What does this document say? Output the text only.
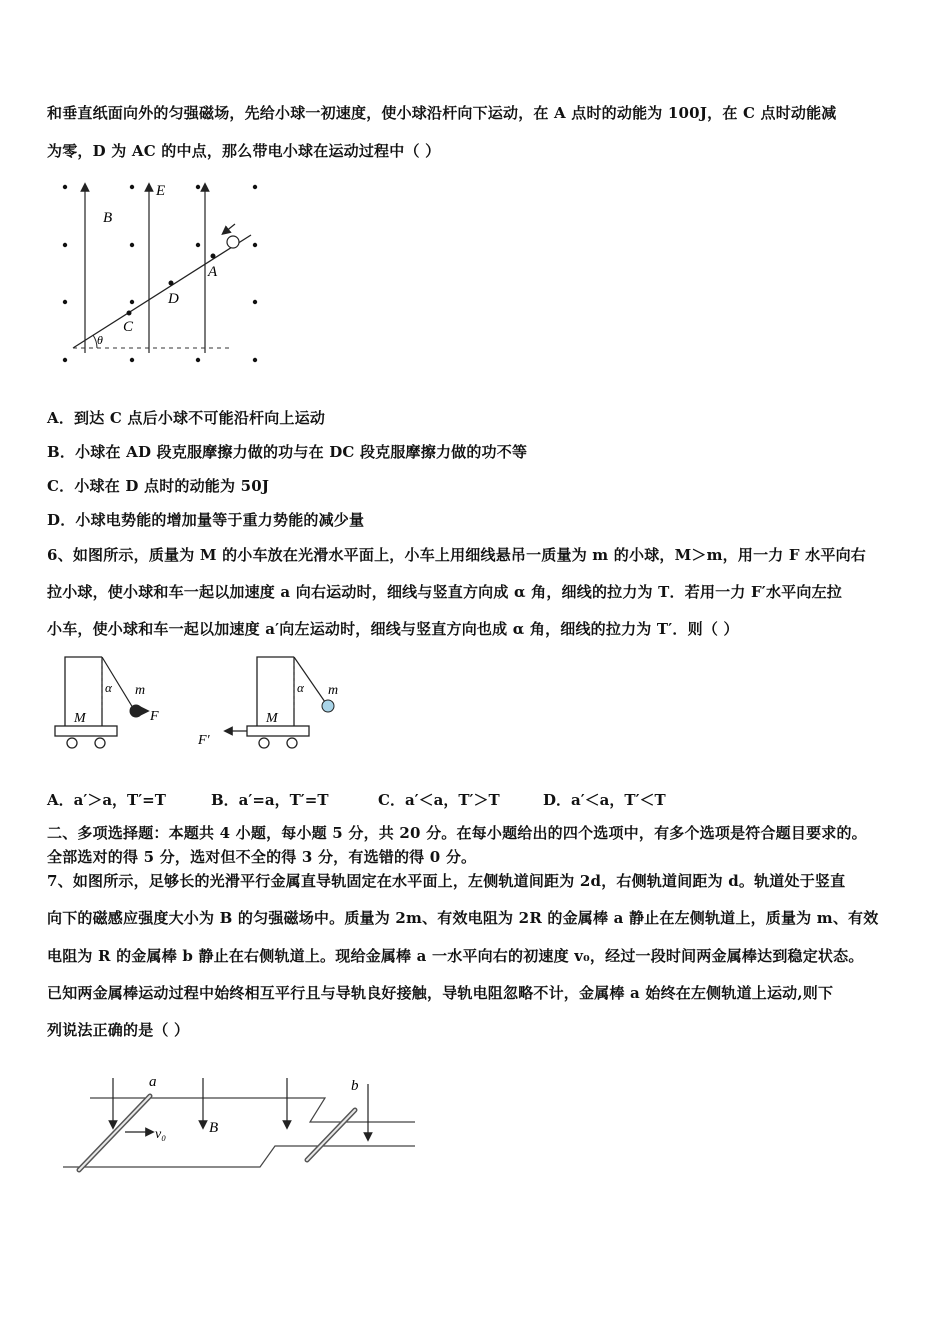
和垂直纸面向外的匀强磁场，先给小球一初速度，使小球沿杆向下运动，在 A 点时的动能为 100J，在 C 点时动能减
为零，D 为 AC 的中点，那么带电小球在运动过程中（ ）
B
E
A
D
C
θ
A．到达 C 点后小球不可能沿杆向上运动
B．小球在 AD 段克服摩擦力做的功与在 DC 段克服摩擦力做的功不等
C．小球在 D 点时的动能为 50J
D．小球电势能的增加量等于重力势能的减少量
6、如图所示，质量为 M 的小车放在光滑水平面上，小车上用细线悬吊一质量为 m 的小球，M＞m，用一力 F 水平向右
拉小球，使小球和车一起以加速度 a 向右运动时，细线与竖直方向成 α 角，细线的拉力为 T．若用一力 F′水平向左拉
小车，使小球和车一起以加速度 a′向左运动时，细线与竖直方向也成 α 角，细线的拉力为 T′．则（ ）
α m
M	F
α m
M
F′
A．a′＞a，T′=T	B．a′=a，T′=T	C．a′＜a，T′＞T	D．a′＜a，T′＜T
二、多项选择题：本题共 4 小题，每小题 5 分，共 20 分。在每小题给出的四个选项中，有多个选项是符合题目要求的。
全部选对的得 5 分，选对但不全的得 3 分，有选错的得 0 分。
7、如图所示，足够长的光滑平行金属直导轨固定在水平面上，左侧轨道间距为 2d，右侧轨道间距为 d。轨道处于竖直
向下的磁感应强度大小为 B 的匀强磁场中。质量为 2m、有效电阻为 2R 的金属棒 a 静止在左侧轨道上，质量为 m、有效
电阻为 R 的金属棒 b 静止在右侧轨道上。现给金属棒 a 一水平向右的初速度 v₀，经过一段时间两金属棒达到稳定状态。
已知两金属棒运动过程中始终相互平行且与导轨良好接触，导轨电阻忽略不计，金属棒 a 始终在左侧轨道上运动,则下
列说法正确的是（ ）
a	b
B
v₀
